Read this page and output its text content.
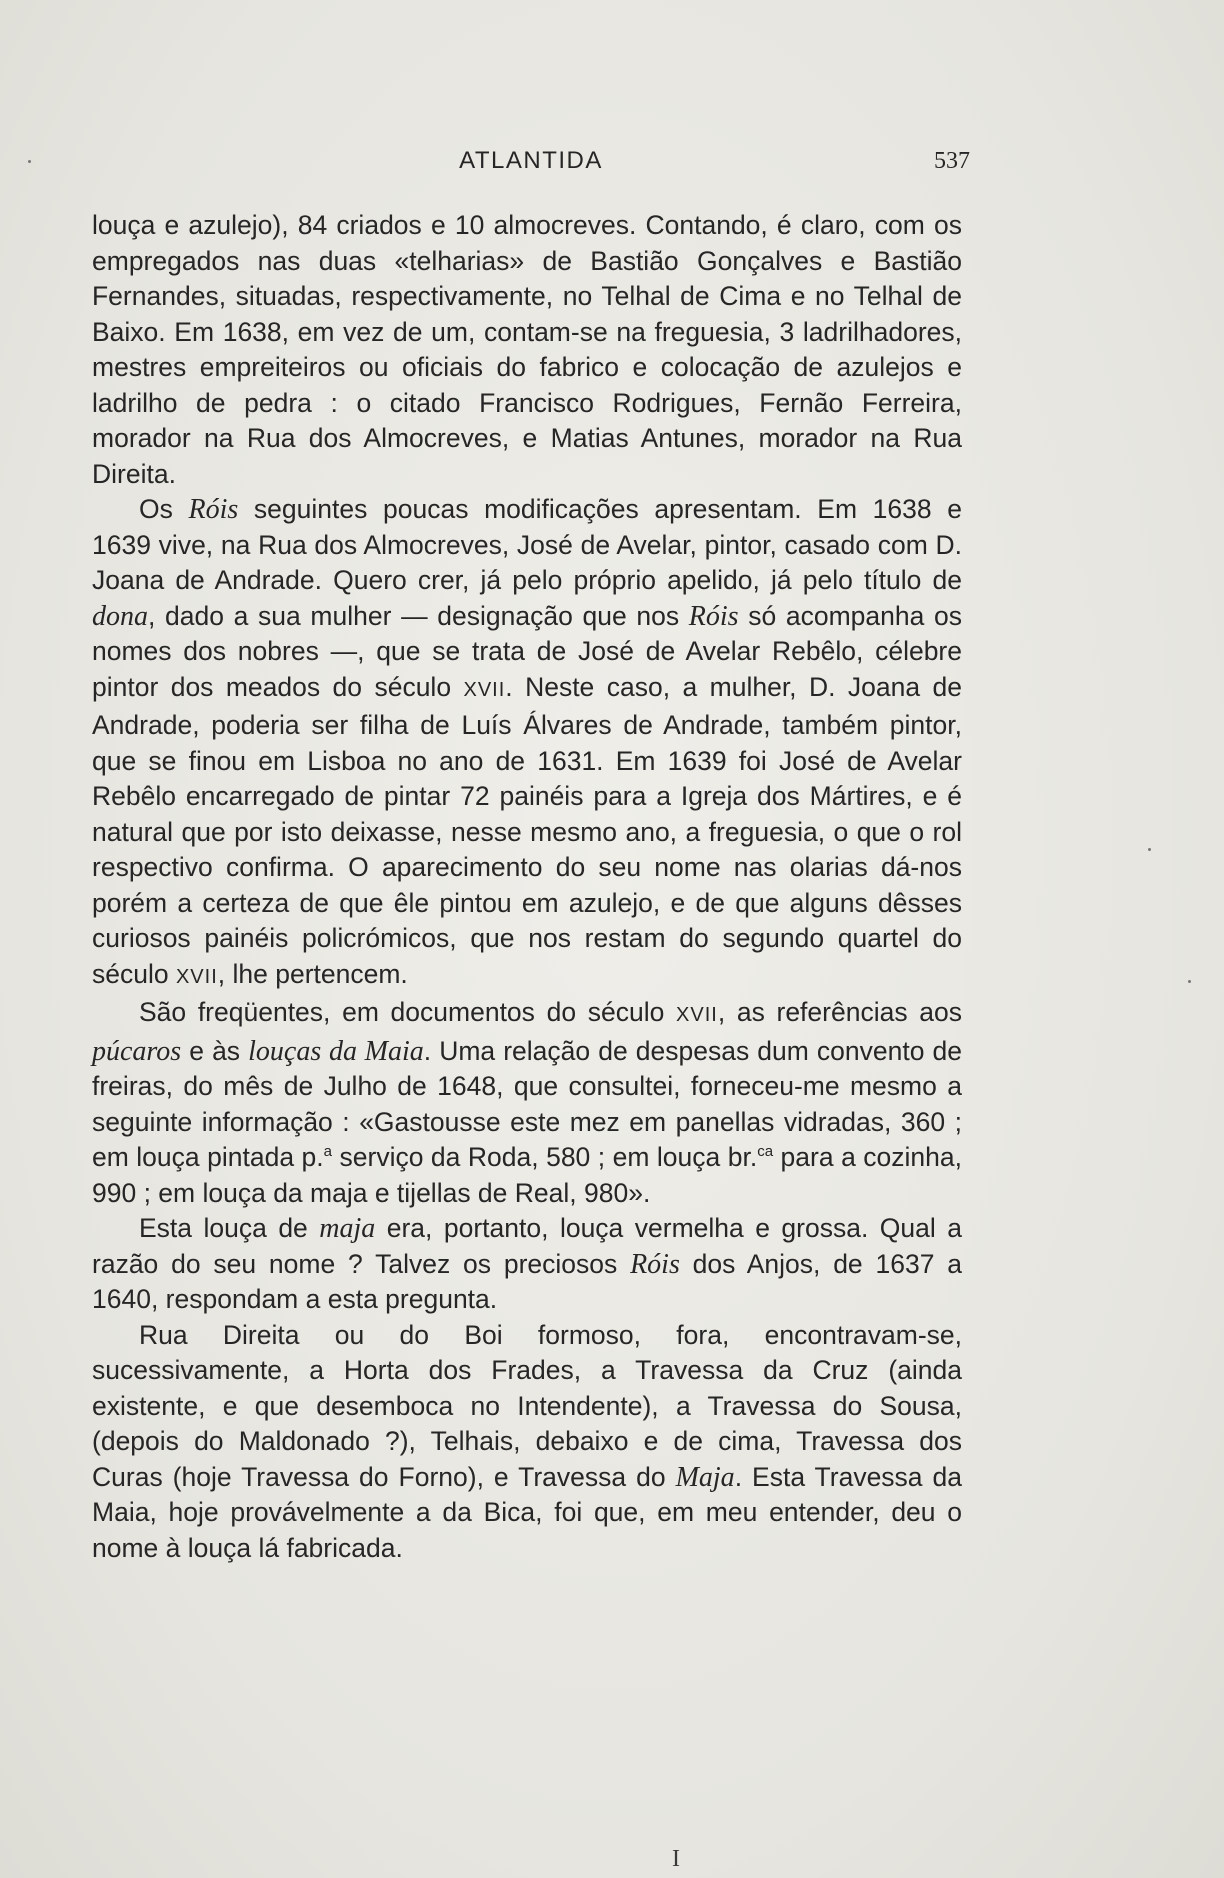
ATLANTIDA	537

louça e azulejo), 84 criados e 10 almocreves. Contando, é claro, com os empregados nas duas «telharias» de Bastião Gonçalves e Bastião Fernandes, situadas, respectivamente, no Telhal de Cima e no Telhal de Baixo. Em 1638, em vez de um, contam-se na freguesia, 3 ladrilhadores, mestres empreiteiros ou oficiais do fabrico e colocação de azulejos e ladrilho de pedra : o citado Francisco Rodrigues, Fernão Ferreira, morador na Rua dos Almocreves, e Matias Antunes, morador na Rua Direita.

Os Róis seguintes poucas modificações apresentam. Em 1638 e 1639 vive, na Rua dos Almocreves, José de Avelar, pintor, casado com D. Joana de Andrade. Quero crer, já pelo próprio apelido, já pelo título de dona, dado a sua mulher — designação que nos Róis só acompanha os nomes dos nobres —, que se trata de José de Avelar Rebêlo, célebre pintor dos meados do século XVII. Neste caso, a mulher, D. Joana de Andrade, poderia ser filha de Luís Álvares de Andrade, também pintor, que se finou em Lisboa no ano de 1631. Em 1639 foi José de Avelar Rebêlo encarregado de pintar 72 painéis para a Igreja dos Mártires, e é natural que por isto deixasse, nesse mesmo ano, a freguesia, o que o rol respectivo confirma. O aparecimento do seu nome nas olarias dá-nos porém a certeza de que êle pintou em azulejo, e de que alguns dêsses curiosos painéis policrómicos, que nos restam do segundo quartel do século XVII, lhe pertencem.

São freqüentes, em documentos do século XVII, as referências aos púcaros e às louças da Maia. Uma relação de despesas dum convento de freiras, do mês de Julho de 1648, que consultei, forneceu-me mesmo a seguinte informação : «Gastousse este mez em panellas vidradas, 360 ; em louça pintada p.$^a$ serviço da Roda, 580 ; em louça br.$^{ca}$ para a cozinha, 990 ; em louça da maja e tijellas de Real, 980».

Esta louça de maja era, portanto, louça vermelha e grossa. Qual a razão do seu nome ? Talvez os preciosos Róis dos Anjos, de 1637 a 1640, respondam a esta pregunta.

Rua Direita ou do Boi formoso, fora, encontravam-se, sucessivamente, a Horta dos Frades, a Travessa da Cruz (ainda existente, e que desemboca no Intendente), a Travessa do Sousa, (depois do Maldonado ?), Telhais, debaixo e de cima, Travessa dos Curas (hoje Travessa do Forno), e Travessa do Maja. Esta Travessa da Maia, hoje provávelmente a da Bica, foi que, em meu entender, deu o nome à louça lá fabricada.

I
